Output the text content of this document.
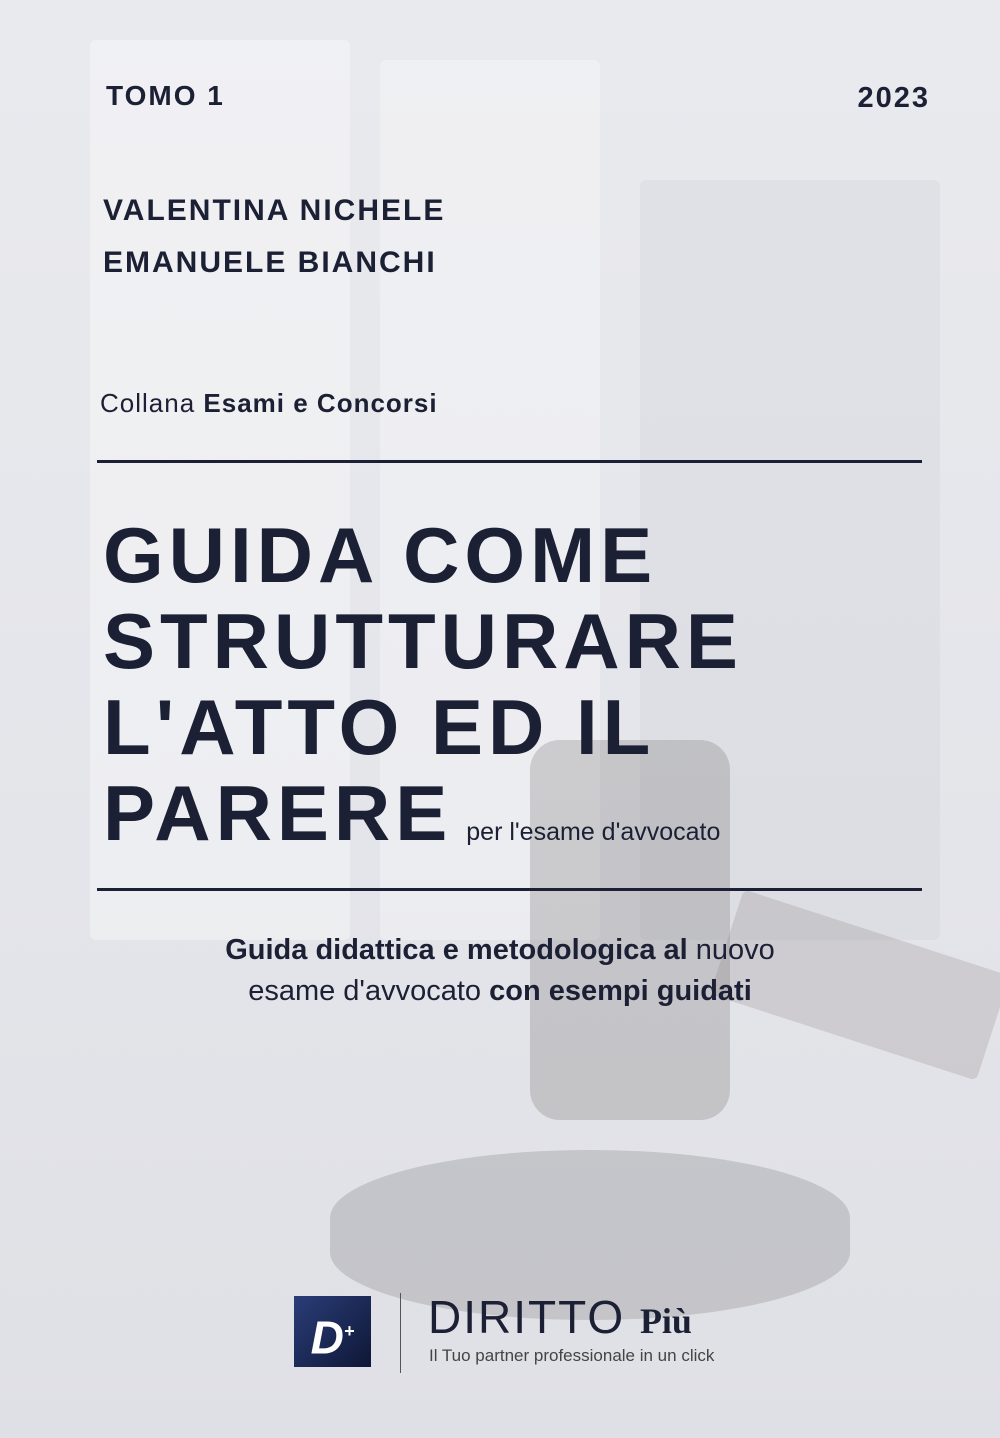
TOMO 1	2023

VALENTINA NICHELE

EMANUELE BIANCHI

Collana Esami e Concorsi

GUIDA COME
STRUTTURARE
L'ATTO ED IL
PARERE per l'esame d'avvocato
Guida didattica e metodologica al nuovo
esame d'avvocato con esempi guidati
D+	DIRITTO Più

Il Tuo partner professionale in un click
